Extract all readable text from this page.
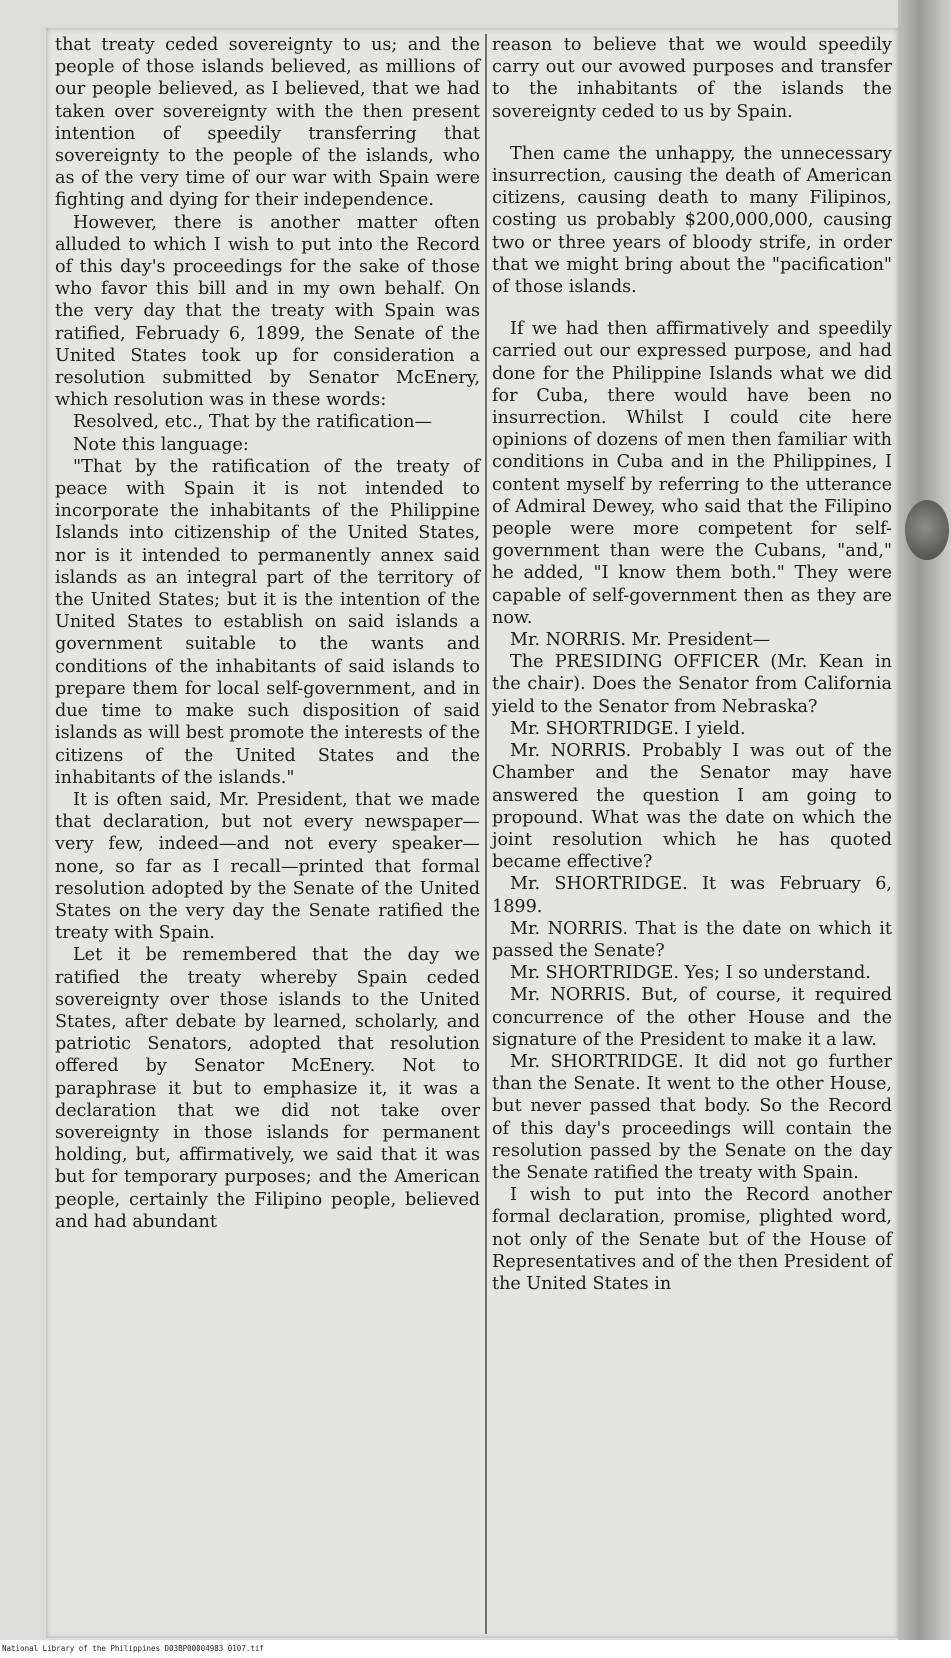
that treaty ceded sovereignty to us; and the people of those islands believed, as millions of our people believed, as I believed, that we had taken over sovereignty with the then present intention of speedily transferring that sovereignty to the people of the islands, who as of the very time of our war with Spain were fighting and dying for their independence.

However, there is another matter often alluded to which I wish to put into the Record of this day's proceedings for the sake of those who favor this bill and in my own behalf. On the very day that the treaty with Spain was ratified, Februady 6, 1899, the Senate of the United States took up for consideration a resolution submitted by Senator McEnery, which resolution was in these words:

Resolved, etc., That by the ratification—

Note this language:

"That by the ratification of the treaty of peace with Spain it is not intended to incorporate the inhabitants of the Philippine Islands into citizenship of the United States, nor is it intended to permanently annex said islands as an integral part of the territory of the United States; but it is the intention of the United States to establish on said islands a government suitable to the wants and conditions of the inhabitants of said islands to prepare them for local self-government, and in due time to make such disposition of said islands as will best promote the interests of the citizens of the United States and the inhabitants of the islands."

It is often said, Mr. President, that we made that declaration, but not every newspaper—very few, indeed—and not every speaker—none, so far as I recall—printed that formal resolution adopted by the Senate of the United States on the very day the Senate ratified the treaty with Spain.

Let it be remembered that the day we ratified the treaty whereby Spain ceded sovereignty over those islands to the United States, after debate by learned, scholarly, and patriotic Senators, adopted that resolution offered by Senator McEnery. Not to paraphrase it but to emphasize it, it was a declaration that we did not take over sovereignty in those islands for permanent holding, but, affirmatively, we said that it was but for temporary purposes; and the American people, certainly the Filipino people, believed and had abundant

reason to believe that we would speedily carry out our avowed purposes and transfer to the inhabitants of the islands the sovereignty ceded to us by Spain.

Then came the unhappy, the unnecessary insurrection, causing the death of American citizens, causing death to many Filipinos, costing us probably $200,000,000, causing two or three years of bloody strife, in order that we might bring about the "pacification" of those islands.

If we had then affirmatively and speedily carried out our expressed purpose, and had done for the Philippine Islands what we did for Cuba, there would have been no insurrection. Whilst I could cite here opinions of dozens of men then familiar with conditions in Cuba and in the Philippines, I content myself by referring to the utterance of Admiral Dewey, who said that the Filipino people were more competent for self-government than were the Cubans, "and," he added, "I know them both." They were capable of self-government then as they are now.

Mr. NORRIS. Mr. President—

The PRESIDING OFFICER (Mr. Kean in the chair). Does the Senator from California yield to the Senator from Nebraska?

Mr. SHORTRIDGE. I yield.

Mr. NORRIS. Probably I was out of the Chamber and the Senator may have answered the question I am going to propound. What was the date on which the joint resolution which he has quoted became effective?

Mr. SHORTRIDGE. It was February 6, 1899.

Mr. NORRIS. That is the date on which it passed the Senate?

Mr. SHORTRIDGE. Yes; I so understand.

Mr. NORRIS. But, of course, it required concurrence of the other House and the signature of the President to make it a law.

Mr. SHORTRIDGE. It did not go further than the Senate. It went to the other House, but never passed that body. So the Record of this day's proceedings will contain the resolution passed by the Senate on the day the Senate ratified the treaty with Spain.

I wish to put into the Record another formal declaration, promise, plighted word, not only of the Senate but of the House of Representatives and of the then President of the United States in

National Library of the Philippines D03BP00004983 0107.tif
